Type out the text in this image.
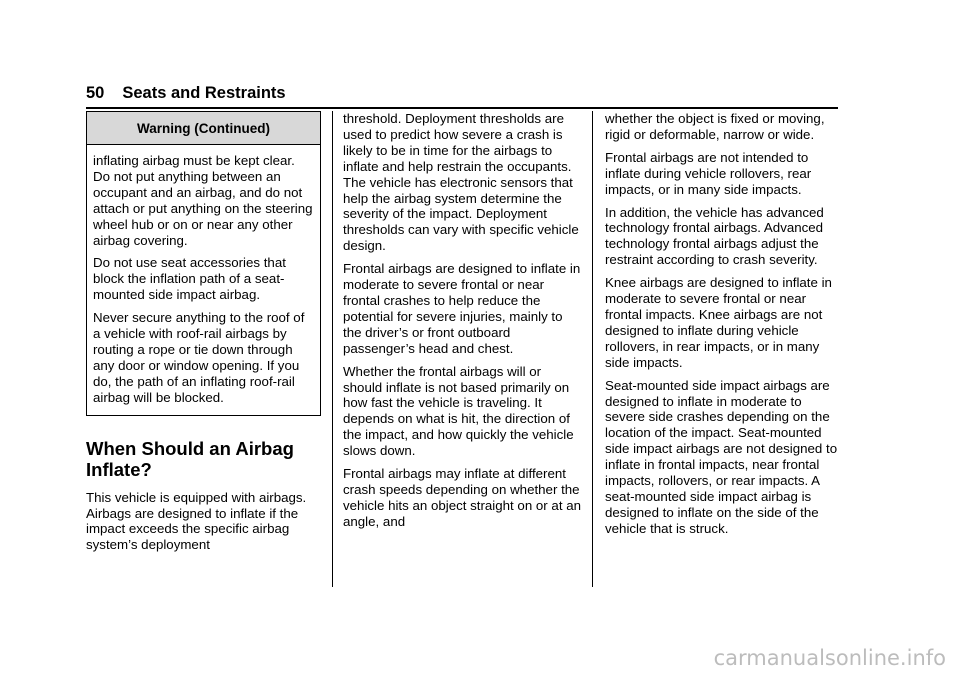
50 Seats and Restraints
Warning (Continued)

inflating airbag must be kept clear. Do not put anything between an occupant and an airbag, and do not attach or put anything on the steering wheel hub or on or near any other airbag covering.

Do not use seat accessories that block the inflation path of a seat-mounted side impact airbag.

Never secure anything to the roof of a vehicle with roof-rail airbags by routing a rope or tie down through any door or window opening. If you do, the path of an inflating roof-rail airbag will be blocked.

When Should an Airbag Inflate?

This vehicle is equipped with airbags. Airbags are designed to inflate if the impact exceeds the specific airbag system’s deployment

threshold. Deployment thresholds are used to predict how severe a crash is likely to be in time for the airbags to inflate and help restrain the occupants. The vehicle has electronic sensors that help the airbag system determine the severity of the impact. Deployment thresholds can vary with specific vehicle design.

Frontal airbags are designed to inflate in moderate to severe frontal or near frontal crashes to help reduce the potential for severe injuries, mainly to the driver’s or front outboard passenger’s head and chest.

Whether the frontal airbags will or should inflate is not based primarily on how fast the vehicle is traveling. It depends on what is hit, the direction of the impact, and how quickly the vehicle slows down.

Frontal airbags may inflate at different crash speeds depending on whether the vehicle hits an object straight on or at an angle, and

whether the object is fixed or moving, rigid or deformable, narrow or wide.

Frontal airbags are not intended to inflate during vehicle rollovers, rear impacts, or in many side impacts.

In addition, the vehicle has advanced technology frontal airbags. Advanced technology frontal airbags adjust the restraint according to crash severity.

Knee airbags are designed to inflate in moderate to severe frontal or near frontal impacts. Knee airbags are not designed to inflate during vehicle rollovers, in rear impacts, or in many side impacts.

Seat-mounted side impact airbags are designed to inflate in moderate to severe side crashes depending on the location of the impact. Seat-mounted side impact airbags are not designed to inflate in frontal impacts, near frontal impacts, rollovers, or rear impacts. A seat-mounted side impact airbag is designed to inflate on the side of the vehicle that is struck.

carmanualsonline.info
